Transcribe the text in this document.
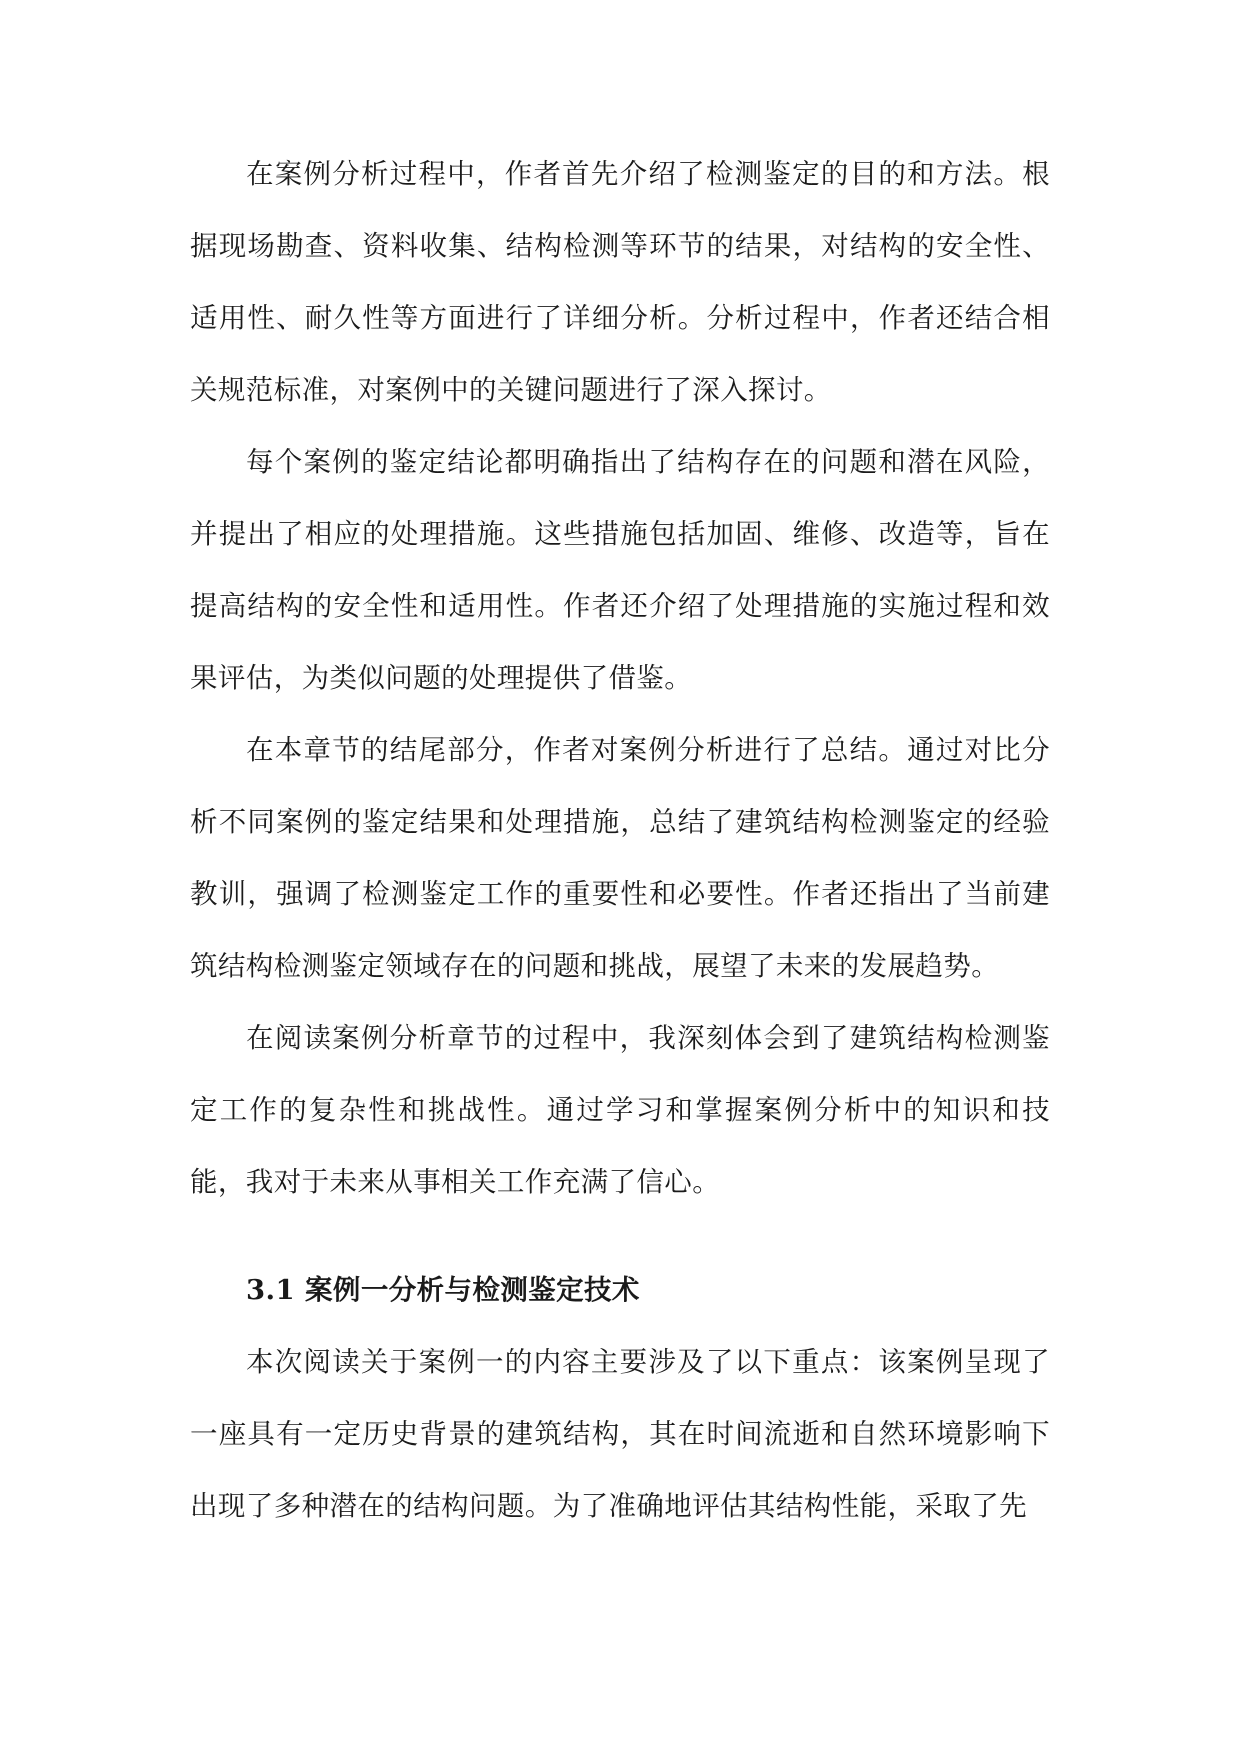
在案例分析过程中，作者首先介绍了检测鉴定的目的和方法。根据现场勘查、资料收集、结构检测等环节的结果，对结构的安全性、适用性、耐久性等方面进行了详细分析。分析过程中，作者还结合相关规范标准，对案例中的关键问题进行了深入探讨。

每个案例的鉴定结论都明确指出了结构存在的问题和潜在风险，并提出了相应的处理措施。这些措施包括加固、维修、改造等，旨在提高结构的安全性和适用性。作者还介绍了处理措施的实施过程和效果评估，为类似问题的处理提供了借鉴。

在本章节的结尾部分，作者对案例分析进行了总结。通过对比分析不同案例的鉴定结果和处理措施，总结了建筑结构检测鉴定的经验教训，强调了检测鉴定工作的重要性和必要性。作者还指出了当前建筑结构检测鉴定领域存在的问题和挑战，展望了未来的发展趋势。

在阅读案例分析章节的过程中，我深刻体会到了建筑结构检测鉴定工作的复杂性和挑战性。通过学习和掌握案例分析中的知识和技能，我对于未来从事相关工作充满了信心。

3.1 案例一分析与检测鉴定技术

本次阅读关于案例一的内容主要涉及了以下重点：该案例呈现了一座具有一定历史背景的建筑结构，其在时间流逝和自然环境影响下出现了多种潜在的结构问题。为了准确地评估其结构性能，采取了先
